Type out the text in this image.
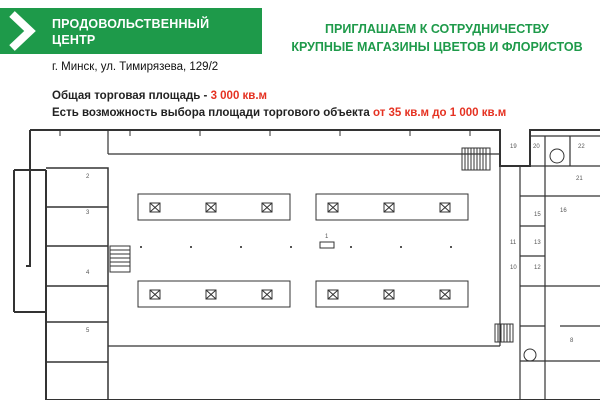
ПРОДОВОЛЬСТВЕННЫЙ
ЦЕНТР
г. Минск, ул. Тимирязева, 129/2
ПРИГЛАШАЕМ К СОТРУДНИЧЕСТВУ
КРУПНЫЕ МАГАЗИНЫ ЦВЕТОВ И ФЛОРИСТОВ
Общая торговая площадь - 3 000 кв.м
Есть возможность выбора площади торгового объекта от 35 кв.м до 1 000 кв.м
2
3
4
5
1
19	20	22
21
16
15
13
12
11
10
8
